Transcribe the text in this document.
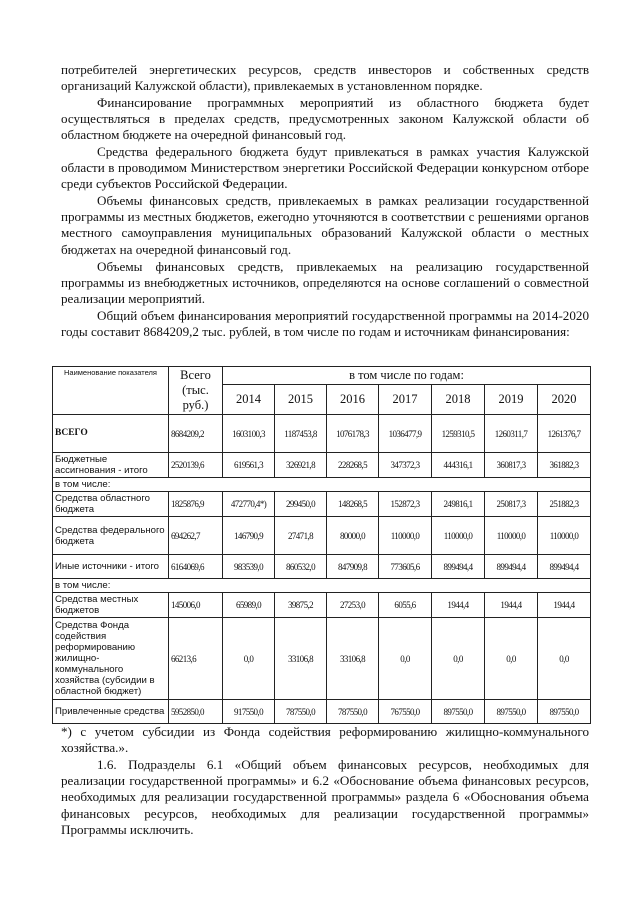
потребителей энергетических ресурсов, средств инвесторов и собственных средств организаций Калужской области), привлекаемых в установленном порядке.

Финансирование программных мероприятий из областного бюджета будет осуществляться в пределах средств, предусмотренных законом Калужской области об областном бюджете на очередной финансовый год.

Средства федерального бюджета будут привлекаться в рамках участия Калужской области в проводимом Министерством энергетики Российской Федерации конкурсном отборе среди субъектов Российской Федерации.

Объемы финансовых средств, привлекаемых в рамках реализации государственной программы из местных бюджетов, ежегодно уточняются в соответствии с решениями органов местного самоуправления муниципальных образований Калужской области о местных бюджетах на очередной финансовый год.

Объемы финансовых средств, привлекаемых на реализацию государственной программы из внебюджетных источников, определяются на основе соглашений о совместной реализации мероприятий.

Общий объем финансирования мероприятий государственной программы на 2014-2020 годы составит 8684209,2 тыс. рублей, в том числе по годам и источникам финансирования:

Наименование показателя	Всего (тыс. руб.)	в том числе по годам:						
		2014	2015	2016	2017	2018	2019	2020
ВСЕГО	8684209,2	1603100,3	1187453,8	1076178,3	1036477,9	1259310,5	1260311,7	1261376,7
Бюджетные ассигнования - итого	2520139,6	619561,3	326921,8	228268,5	347372,3	444316,1	360817,3	361882,3
в том числе:								
Средства областного бюджета	1825876,9	472770,4*)	299450,0	148268,5	152872,3	249816,1	250817,3	251882,3
Средства федерального бюджета	694262,7	146790,9	27471,8	80000,0	110000,0	110000,0	110000,0	110000,0
Иные источники - итого	6164069,6	983539,0	860532,0	847909,8	773605,6	899494,4	899494,4	899494,4
в том числе:								
Средства местных бюджетов	145006,0	65989,0	39875,2	27253,0	6055,6	1944,4	1944,4	1944,4
Средства Фонда содействия реформированию жилищно-коммунального хозяйства (субсидии в областной бюджет)	66213,6	0,0	33106,8	33106,8	0,0	0,0	0,0	0,0
Привлеченные средства	5952850,0	917550,0	787550,0	787550,0	767550,0	897550,0	897550,0	897550,0

*) с учетом субсидии из Фонда содействия реформированию жилищно-коммунального хозяйства.».

1.6. Подразделы 6.1 «Общий объем финансовых ресурсов, необходимых для реализации государственной программы» и 6.2 «Обоснование объема финансовых ресурсов, необходимых для реализации государственной программы» раздела 6 «Обоснования объема финансовых ресурсов, необходимых для реализации государственной программы» Программы исключить.
